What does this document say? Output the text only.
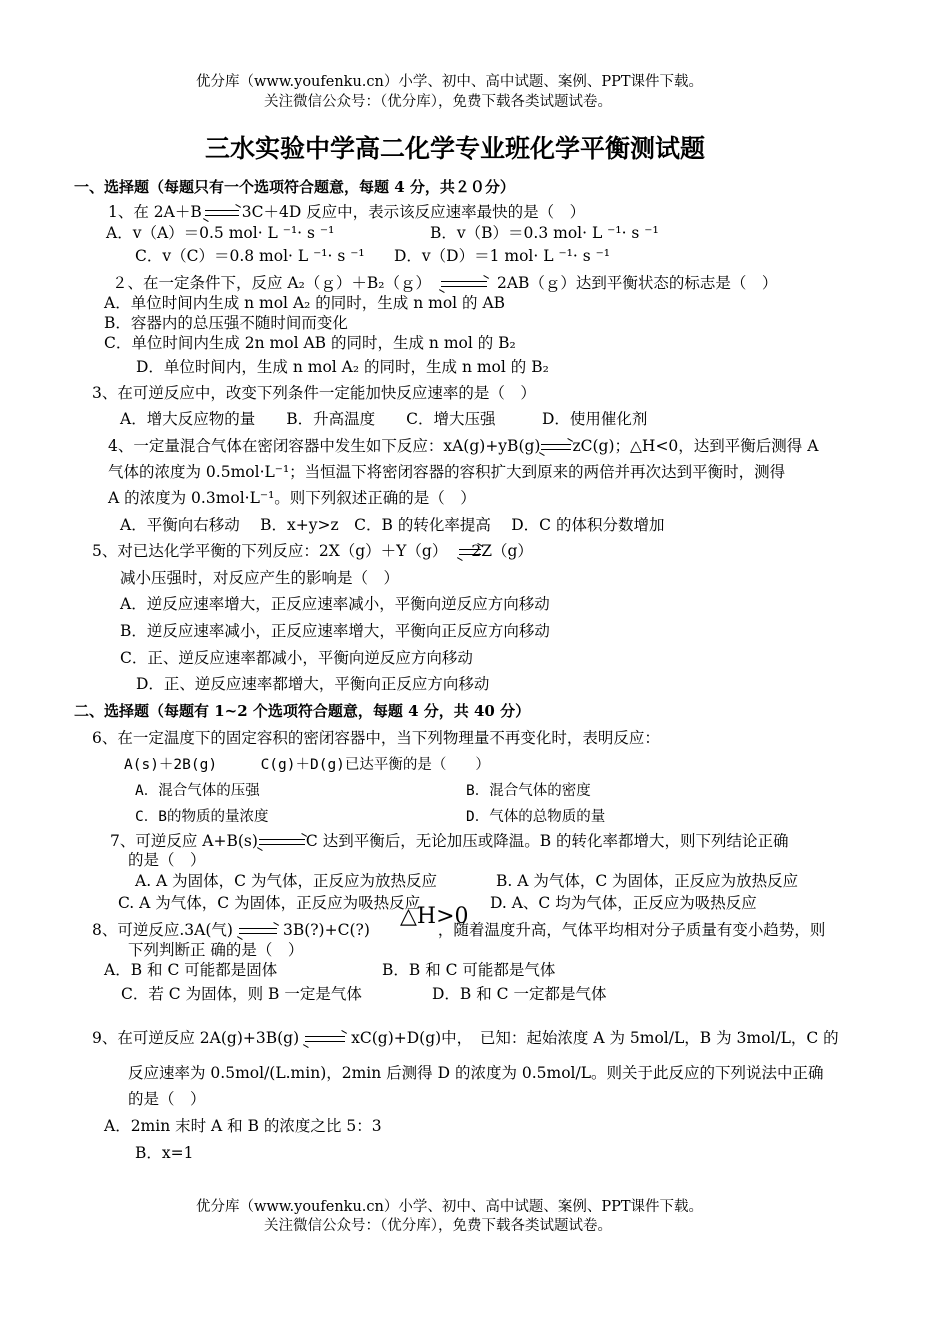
优分库（www.youfenku.cn）小学、初中、高中试题、案例、PPT课件下载。
关注微信公众号：（优分库），免费下载各类试题试卷。
三水实验中学高二化学专业班化学平衡测试题
一、选择题（每题只有一个选项符合题意，每题 4 分，共２０分）
1、在 2A＋B → 3C＋4D 反应中，表示该反应速率最快的是（　）
A．v（A）＝0.5 mol· L ⁻¹· s ⁻¹	B．v（B）＝0.3 mol· L ⁻¹· s ⁻¹
C．v（C）＝0.8 mol· L ⁻¹· s ⁻¹ D．v（D）＝1 mol· L ⁻¹· s ⁻¹
２、在一定条件下，反应 A₂（ｇ）＋B₂（ｇ） → 2AB（ｇ）达到平衡状态的标志是（　）
A．单位时间内生成 n mol A₂ 的同时，生成 n mol 的 AB
B．容器内的总压强不随时间而变化
C．单位时间内生成 2n mol AB 的同时，生成 n mol 的 B₂
D．单位时间内，生成 n mol A₂ 的同时，生成 n mol 的 B₂
3、在可逆反应中，改变下列条件一定能加快反应速率的是（　）
A．增大反应物的量　　B．升高温度　　C．增大压强　　　D．使用催化剂
4、一定量混合气体在密闭容器中发生如下反应：xA(g)+yB(g)→zC(g)；△H<0，达到平衡后测得 A
气体的浓度为 0.5mol·L⁻¹；当恒温下将密闭容器的容积扩大到原来的两倍并再次达到平衡时，测得
A 的浓度为 0.3mol·L⁻¹。则下列叙述正确的是（　）
A．平衡向右移动　 B．x+y>z　C．B 的转化率提高　 D．C 的体积分数增加
5、对已达化学平衡的下列反应：2X（g）＋Y（g） →2Z（g）
减小压强时，对反应产生的影响是（　）
A．逆反应速率增大，正反应速率减小，平衡向逆反应方向移动
B．逆反应速率减小，正反应速率增大，平衡向正反应方向移动
C．正、逆反应速率都减小，平衡向逆反应方向移动
D．正、逆反应速率都增大，平衡向正反应方向移动
二、选择题（每题有 1~2 个选项符合题意，每题 4 分，共 40 分）
6、在一定温度下的固定容积的密闭容器中，当下列物理量不再变化时，表明反应：
A(s)＋2B(g)　　　C(g)＋D(g)已达平衡的是（　　）
A．混合气体的压强	B．混合气体的密度
C．B的物质的量浓度	D．气体的总物质的量
7、可逆反应 A+B(s)→C 达到平衡后，无论加压或降温。B 的转化率都增大，则下列结论正确
的是（　）
A. A 为固体，C 为气体，正反应为放热反应	B. A 为气体，C 为固体，正反应为放热反应
C. A 为气体，C 为固体，正反应为吸热反应	D. A、C 均为气体，正反应为吸热反应
△H>0
8、可逆反应.3A(气) → 3B(?)+C(?)	，随着温度升高，气体平均相对分子质量有变小趋势，则
下列判断正 确的是（　）
A．B 和 C 可能都是固体	B．B 和 C 可能都是气体
C．若 C 为固体，则 B 一定是气体	D．B 和 C 一定都是气体
9、在可逆反应 2A(g)+3B(g) → xC(g)+D(g)中，　已知：起始浓度 A 为 5mol/L，B 为 3mol/L，C 的
反应速率为 0.5mol/(L.min)，2min 后测得 D 的浓度为 0.5mol/L。则关于此反应的下列说法中正确
的是（　）
A．2min 末时 A 和 B 的浓度之比 5：3
B．x=1
优分库（www.youfenku.cn）小学、初中、高中试题、案例、PPT课件下载。
关注微信公众号：（优分库），免费下载各类试题试卷。
